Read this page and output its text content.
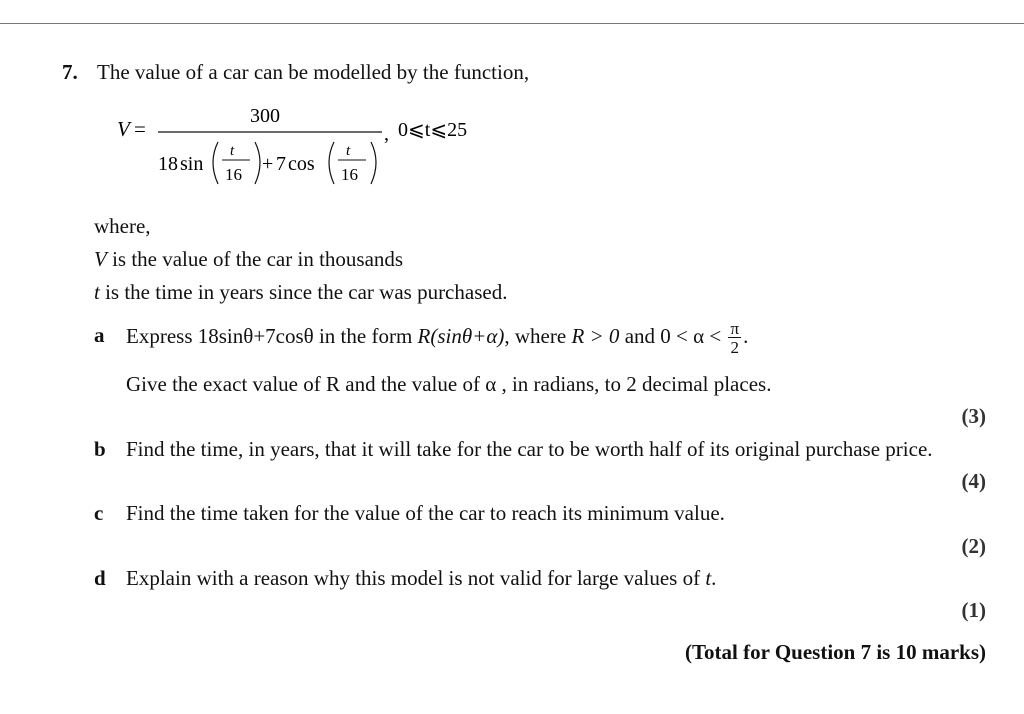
7. The value of a car can be modelled by the function,
V =
300
18 sin
t
16 + 7 cos
t
16
, 0⩽t⩽25
where,
V is the value of the car in thousands
t is the time in years since the car was purchased.
a Express 18sinθ+7cosθ in the form R(sinθ+α), where R > 0 and $0 < \alpha < \frac{\pi}{2}$ .
Give the exact value of R and the value of α , in radians, to 2 decimal places.
(3)
b Find the time, in years, that it will take for the car to be worth half of its original purchase price.
(4)
c Find the time taken for the value of the car to reach its minimum value.
(2)
d Explain with a reason why this model is not valid for large values of t.
(1)
(Total for Question 7 is 10 marks)
